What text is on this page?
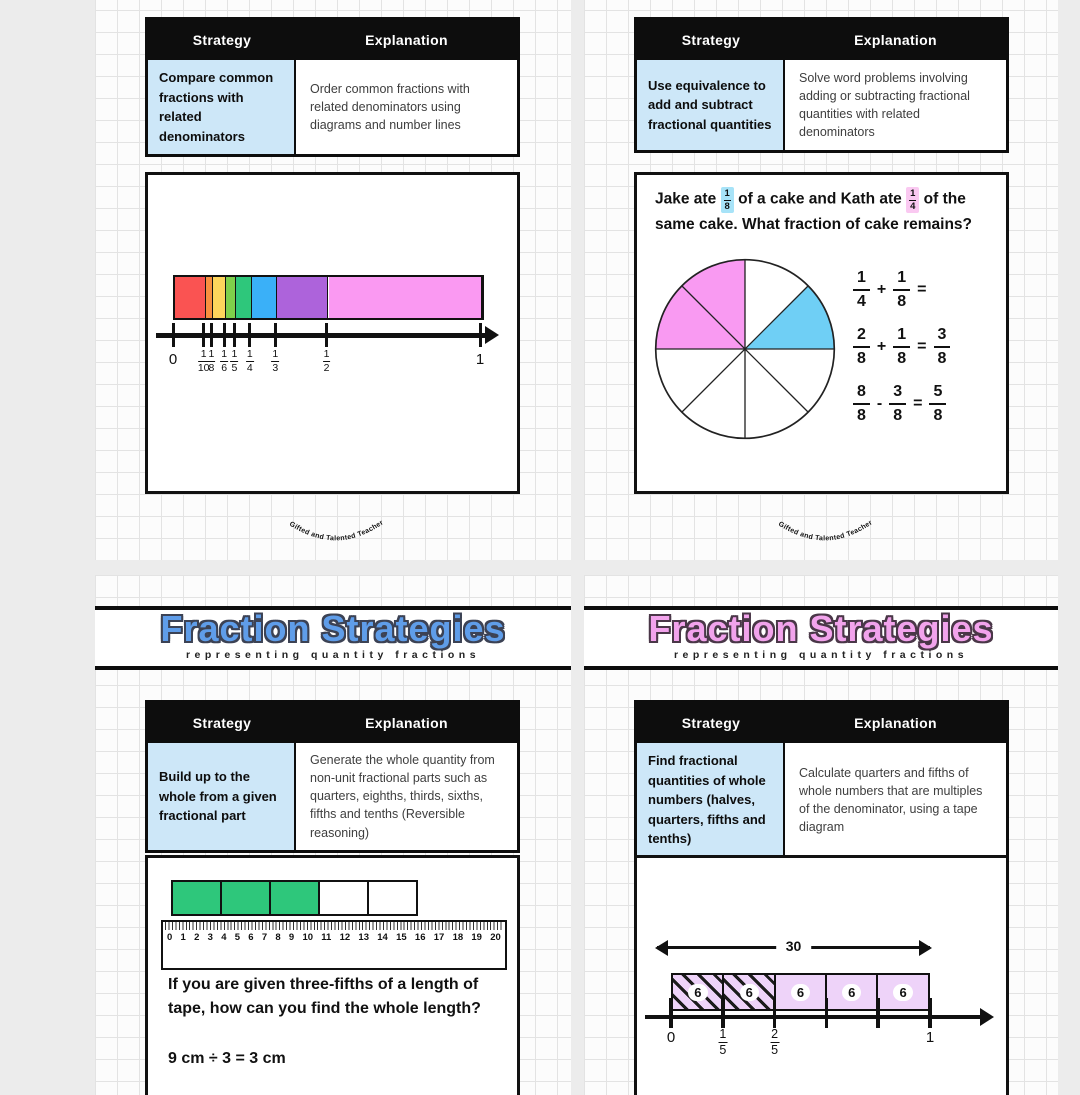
Strategy	Explanation
Compare common fractions with related denominators
Order common fractions with related denominators using diagrams and number lines
$0 \frac{1}{10}$
$\frac{1}{8} \frac{1}{6} \frac{1}{5} \frac{1}{4} \frac{1}{3}$	$\frac{1}{2}$	1
Gifted and Talented Teacher
Strategy	Explanation
Use equivalence to add and subtract fractional quantities
Solve word problems involving adding or subtracting fractional quantities with related denominators
Jake ate $\frac{1}{8}$ of a cake and Kath ate $\frac{1}{4}$ of the same cake. What fraction of cake remains?
$\frac{1}{4} + \frac{1}{8}$ =
$\frac{2}{8} + \frac{1}{8} = \frac{3}{8}$
$\frac{8}{8} - \frac{3}{8} = \frac{5}{8}$
Gifted and Talented Teacher
Fraction Strategies
representing quantity fractions
Strategy	Explanation
Build up to the whole from a given fractional part
Generate the whole quantity from non-unit fractional parts such as quarters, eighths, thirds, sixths, fifths and tenths (Reversible reasoning)
0 1 2 3 4 5 6 7 8 9 10 11 12 13 14 15 16 17 18 19 20
If you are given three-fifths of a length of tape, how can you find the whole length?
9 cm ÷ 3 = 3 cm
Fraction Strategies
representing quantity fractions
Strategy	Explanation
Find fractional quantities of whole numbers (halves, quarters, fifths and tenths)
Calculate quarters and fifths of whole numbers that are multiples of the denominator, using a tape diagram
30
6	6	6	6	6
0	$\frac{1}{5}$	$\frac{2}{5}$	1
